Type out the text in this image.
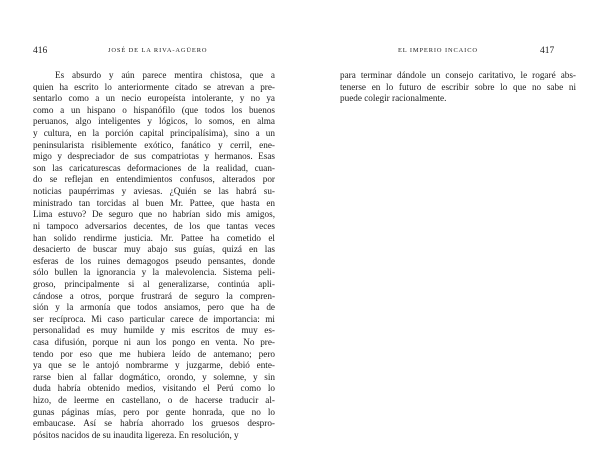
416	JOSÉ DE LA RIVA-AGÜERO
Es absurdo y aún parece mentira chistosa, que a
quien ha escrito lo anteriormente citado se atrevan a pre-
sentarlo como a un necio europeísta intolerante, y no ya
como a un hispano o hispanófilo (que todos los buenos
peruanos, algo inteligentes y lógicos, lo somos, en alma
y cultura, en la porción capital principalísima), sino a un
peninsularista risiblemente exótico, fanático y cerril, ene-
migo y despreciador de sus compatriotas y hermanos. Esas
son las caricaturescas deformaciones de la realidad, cuan-
do se reflejan en entendimientos confusos, alterados por
noticias paupérrimas y aviesas. ¿Quién se las habrá su-
ministrado tan torcidas al buen Mr. Pattee, que hasta en
Lima estuvo? De seguro que no habrían sido mis amigos,
ni tampoco adversarios decentes, de los que tantas veces
han solido rendirme justicia. Mr. Pattee ha cometido el
desacierto de buscar muy abajo sus guías, quizá en las
esferas de los ruines demagogos pseudo pensantes, donde
sólo bullen la ignorancia y la malevolencia. Sistema peli-
groso, principalmente si al generalizarse, continúa apli-
cándose a otros, porque frustrará de seguro la compren-
sión y la armonía que todos ansiamos, pero que ha de
ser recíproca. Mi caso particular carece de importancia: mi
personalidad es muy humilde y mis escritos de muy es-
casa difusión, porque ni aun los pongo en venta. No pre-
tendo por eso que me hubiera leído de antemano; pero
ya que se le antojó nombrarme y juzgarme, debió ente-
rarse bien al fallar dogmático, orondo, y solemne, y sin
duda habría obtenido medios, visitando el Perú como lo
hizo, de leerme en castellano, o de hacerse traducir al-
gunas páginas mías, pero por gente honrada, que no lo
embaucase. Así se habría ahorrado los gruesos despro-
pósitos nacidos de su inaudita ligereza. En resolución, y
EL IMPERIO INCAICO	417
para terminar dándole un consejo caritativo, le rogaré abs-
tenerse en lo futuro de escribir sobre lo que no sabe ni
puede colegir racionalmente.
